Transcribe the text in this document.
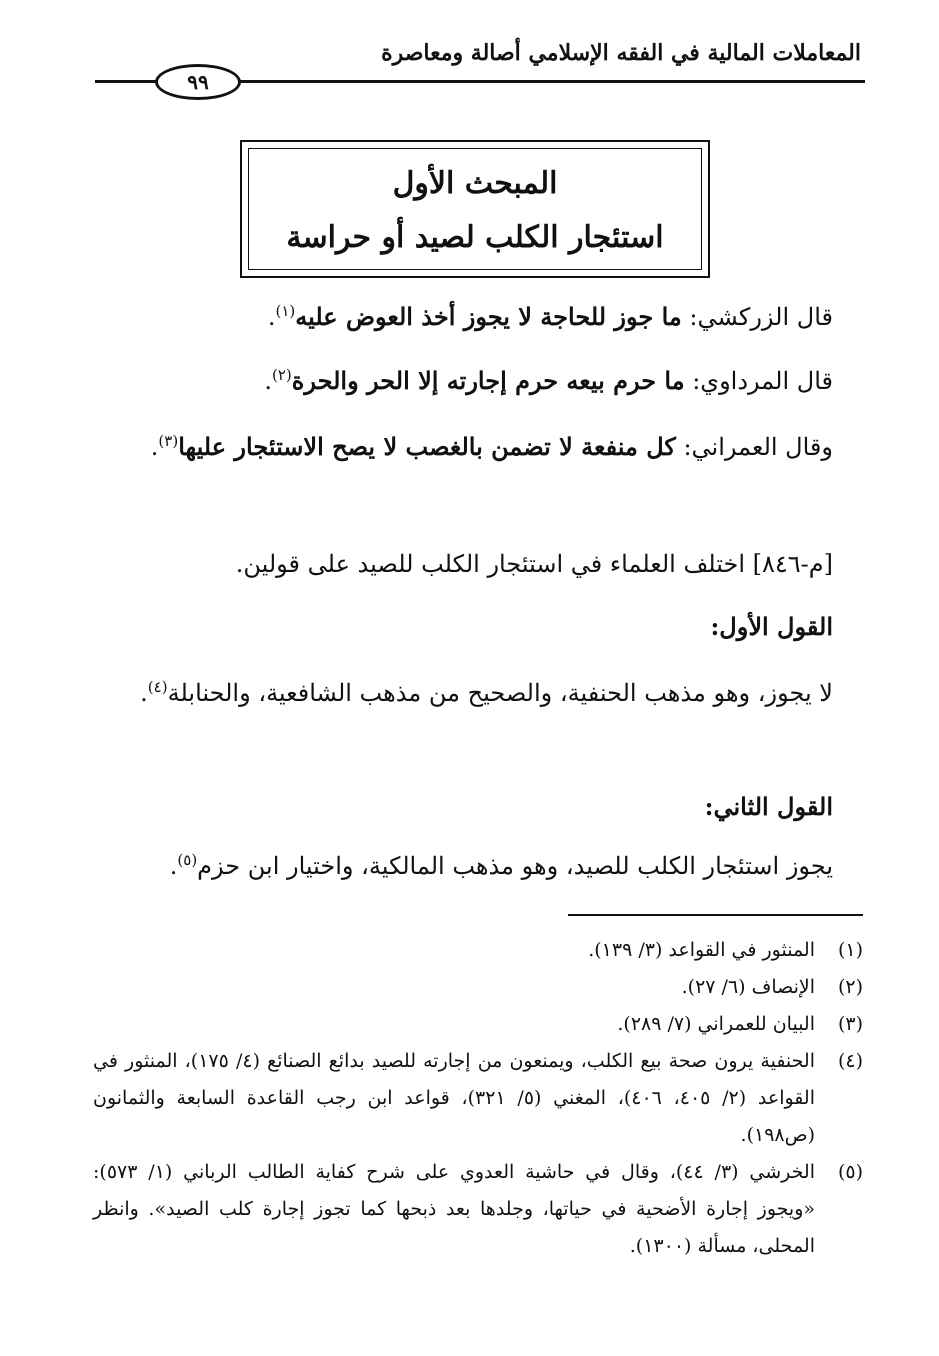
المعاملات المالية في الفقه الإسلامي أصالة ومعاصرة
٩٩
المبحث الأول
استئجار الكلب لصيد أو حراسة
قال الزركشي: ما جوز للحاجة لا يجوز أخذ العوض عليه$^{(١)}$.
قال المرداوي: ما حرم بيعه حرم إجارته إلا الحر والحرة$^{(٢)}$.
وقال العمراني: كل منفعة لا تضمن بالغصب لا يصح الاستئجار عليها$^{(٣)}$.
[م-٨٤٦] اختلف العلماء في استئجار الكلب للصيد على قولين.
القول الأول:
لا يجوز، وهو مذهب الحنفية، والصحيح من مذهب الشافعية، والحنابلة$^{(٤)}$.
القول الثاني:
يجوز استئجار الكلب للصيد، وهو مذهب المالكية، واختيار ابن حزم$^{(٥)}$.
(١)
المنثور في القواعد (٣/ ١٣٩).
(٢)
الإنصاف (٦/ ٢٧).
(٣)
البيان للعمراني (٧/ ٢٨٩).
(٤)
الحنفية يرون صحة بيع الكلب، ويمنعون من إجارته للصيد بدائع الصنائع (٤/ ١٧٥)، المنثور في القواعد (٢/ ٤٠٥، ٤٠٦)، المغني (٥/ ٣٢١)، قواعد ابن رجب القاعدة السابعة والثمانون (ص١٩٨).
(٥)
الخرشي (٣/ ٤٤)، وقال في حاشية العدوي على شرح كفاية الطالب الرباني (١/ ٥٧٣): «ويجوز إجارة الأضحية في حياتها، وجلدها بعد ذبحها كما تجوز إجارة كلب الصيد». وانظر المحلى، مسألة (١٣٠٠).
